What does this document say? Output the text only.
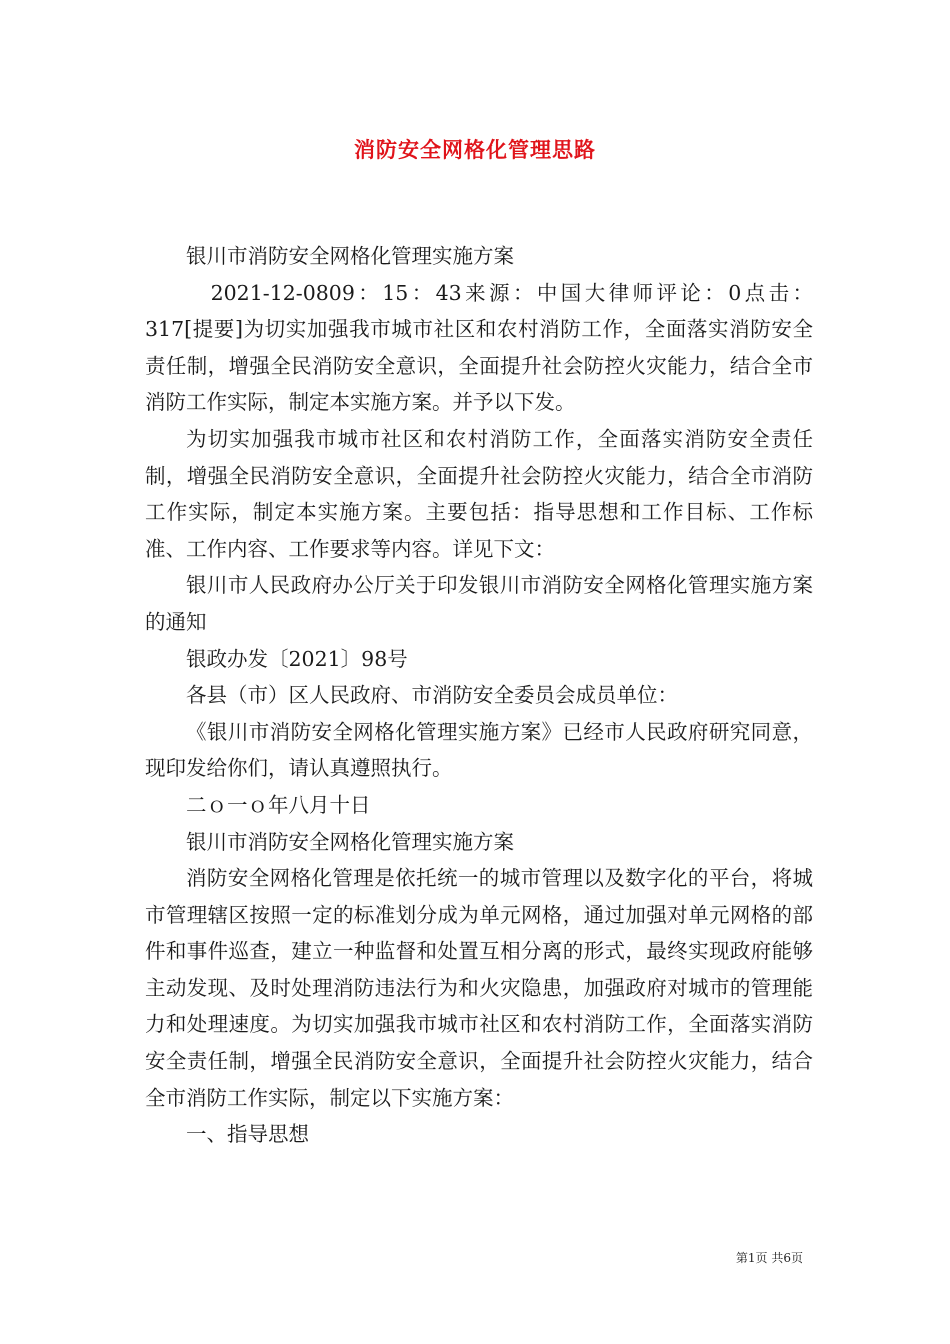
消防安全网格化管理思路

银川市消防安全网格化管理实施方案

2021-12-0809：15：43来源：中国大律师评论：0点击：317[提要]为切实加强我市城市社区和农村消防工作，全面落实消防安全责任制，增强全民消防安全意识，全面提升社会防控火灾能力，结合全市消防工作实际，制定本实施方案。并予以下发。

为切实加强我市城市社区和农村消防工作，全面落实消防安全责任制，增强全民消防安全意识，全面提升社会防控火灾能力，结合全市消防工作实际，制定本实施方案。主要包括：指导思想和工作目标、工作标准、工作内容、工作要求等内容。详见下文：

银川市人民政府办公厅关于印发银川市消防安全网格化管理实施方案的通知

银政办发〔2021〕98号

各县（市）区人民政府、市消防安全委员会成员单位：

《银川市消防安全网格化管理实施方案》已经市人民政府研究同意，现印发给你们，请认真遵照执行。

二ｏ一ｏ年八月十日

银川市消防安全网格化管理实施方案

消防安全网格化管理是依托统一的城市管理以及数字化的平台，将城市管理辖区按照一定的标准划分成为单元网格，通过加强对单元网格的部件和事件巡查，建立一种监督和处置互相分离的形式，最终实现政府能够主动发现、及时处理消防违法行为和火灾隐患，加强政府对城市的管理能力和处理速度。为切实加强我市城市社区和农村消防工作，全面落实消防安全责任制，增强全民消防安全意识，全面提升社会防控火灾能力，结合全市消防工作实际，制定以下实施方案：

一、指导思想

第1页 共6页
